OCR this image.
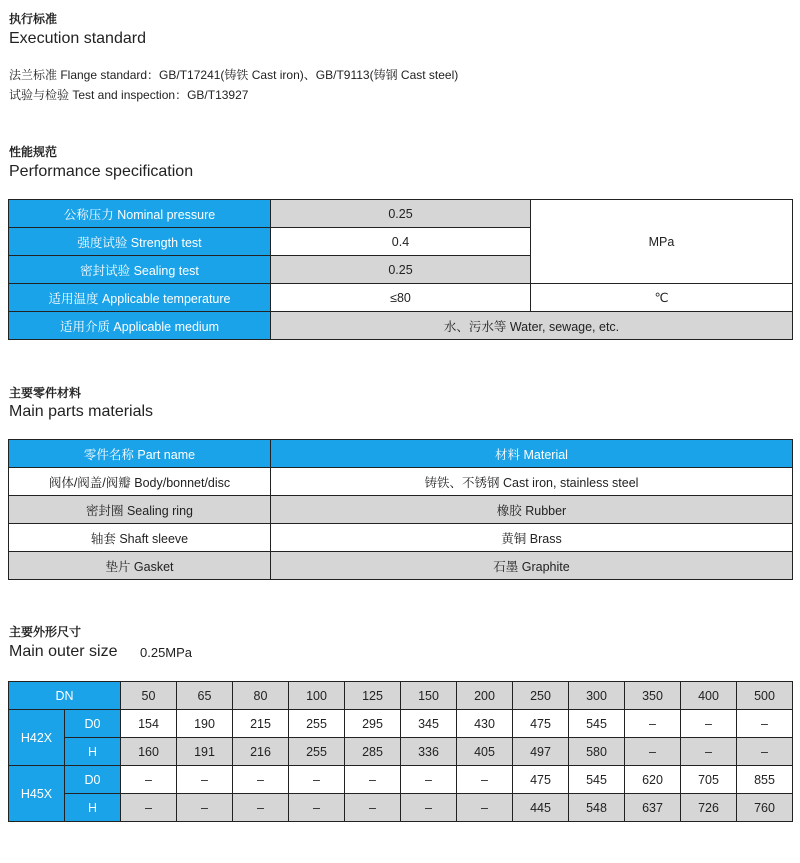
执行标准
Execution standard
法兰标准 Flange standard：GB/T17241(铸铁 Cast iron)、GB/T9113(铸钢 Cast steel)
试验与检验 Test and inspection：GB/T13927
性能规范
Performance specification
公称压力 Nominal pressure	0.25	MPa
强度试验 Strength test	0.4	
密封试验 Sealing test	0.25	
适用温度 Applicable temperature	≤80	℃
适用介质 Applicable medium	水、污水等 Water, sewage, etc.	
主要零件材料
Main parts materials
零件名称 Part name	材料 Material
阀体/阀盖/阀瓣 Body/bonnet/disc	铸铁、不锈钢 Cast iron, stainless steel
密封圈 Sealing ring	橡胶 Rubber
轴套 Shaft sleeve	黄铜 Brass
垫片 Gasket	石墨 Graphite
主要外形尺寸
Main outer size 0.25MPa
DN		50	65	80	100	125	150	200	250	300	350	400	500
H42X	D0	154	190	215	255	295	345	430	475	545	–	–	–
	H	160	191	216	255	285	336	405	497	580	–	–	–
H45X	D0	–	–	–	–	–	–	–	475	545	620	705	855
	H	–	–	–	–	–	–	–	445	548	637	726	760
